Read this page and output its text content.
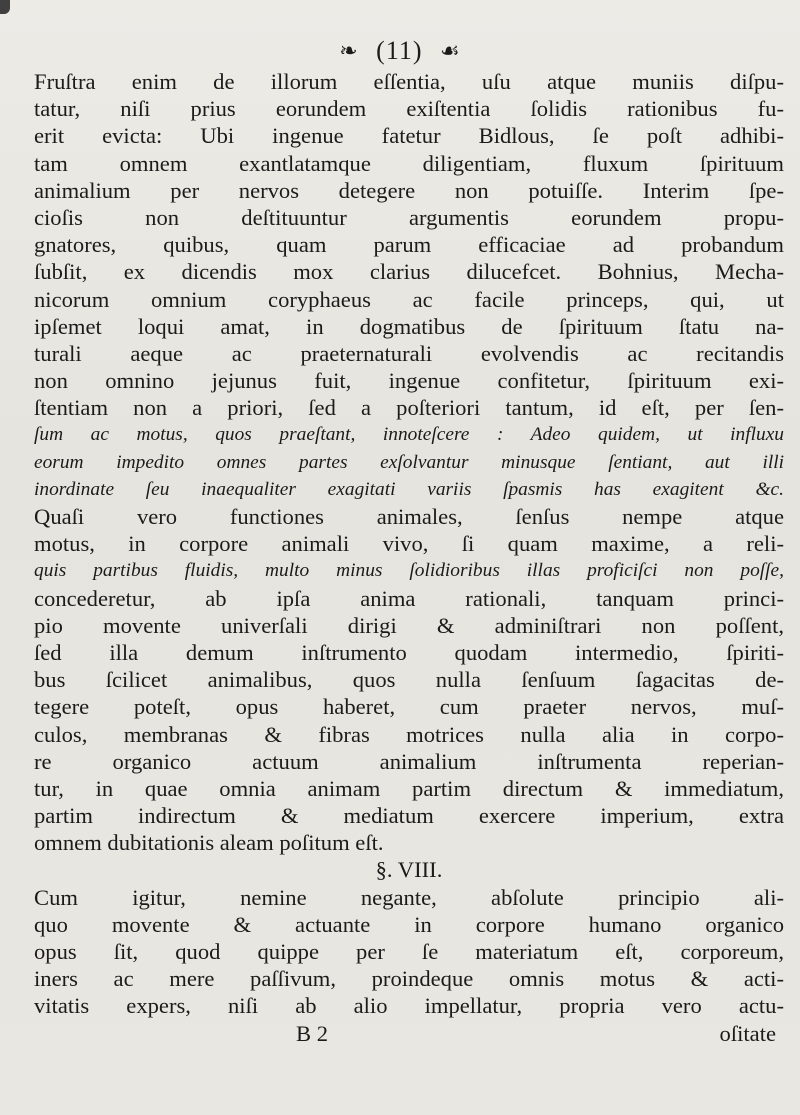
❧ (11) ☙
Fruſtra enim de illorum eſſentia, uſu atque muniis diſpu-
tatur, niſi prius eorundem exiſtentia ſolidis rationibus fu-
erit evicta: Ubi ingenue fatetur Bidlous, ſe poſt adhibi-
tam omnem exantlatamque diligentiam, fluxum ſpirituum
animalium per nervos detegere non potuiſſe. Interim ſpe-
cioſis non deſtituuntur argumentis eorundem propu-
gnatores, quibus, quam parum efficaciae ad probandum
ſubſit, ex dicendis mox clarius dilucefcet. Bohnius, Mecha-
nicorum omnium coryphaeus ac facile princeps, qui, ut
ipſemet loqui amat, in dogmatibus de ſpirituum ſtatu na-
turali aeque ac praeternaturali evolvendis ac recitandis
non omnino jejunus fuit, ingenue confitetur, ſpirituum exi-
ſtentiam non a priori, ſed a poſteriori tantum, id eſt, per ſen-
ſum ac motus, quos praeſtant, innoteſcere : Adeo quidem, ut influxu
eorum impedito omnes partes exſolvantur minusque ſentiant, aut illi
inordinate ſeu inaequaliter exagitati variis ſpasmis has exagitent &c.
Quaſi vero functiones animales, ſenſus nempe atque
motus, in corpore animali vivo, ſi quam maxime, a reli-
quis partibus fluidis, multo minus ſolidioribus illas proficiſci non poſſe,
concederetur, ab ipſa anima rationali, tanquam princi-
pio movente univerſali dirigi & adminiſtrari non poſſent,
ſed illa demum inſtrumento quodam intermedio, ſpiriti-
bus ſcilicet animalibus, quos nulla ſenſuum ſagacitas de-
tegere poteſt, opus haberet, cum praeter nervos, muſ-
culos, membranas & fibras motrices nulla alia in corpo-
re organico actuum animalium inſtrumenta reperian-
tur, in quae omnia animam partim directum & immediatum,
partim indirectum & mediatum exercere imperium, extra
omnem dubitationis aleam poſitum eſt.
§. VIII.
Cum igitur, nemine negante, abſolute principio ali-
quo movente & actuante in corpore humano organico
opus ſit, quod quippe per ſe materiatum eſt, corporeum,
iners ac mere paſſivum, proindeque omnis motus & acti-
vitatis expers, niſi ab alio impellatur, propria vero actu-
B 2	oſitate
